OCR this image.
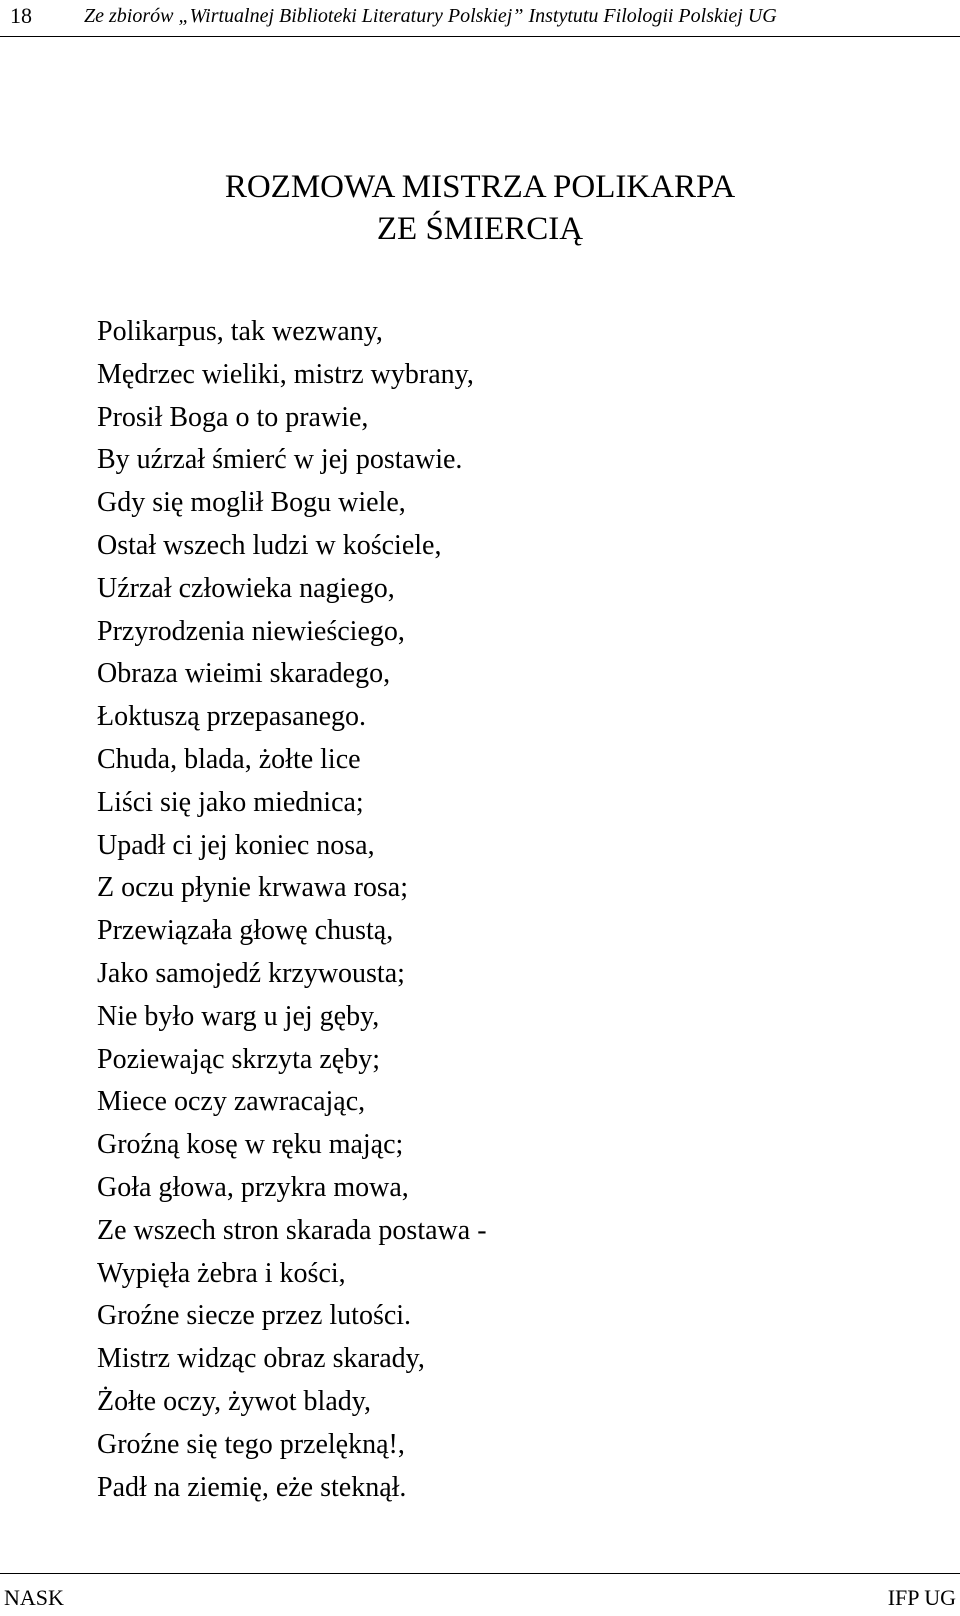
18	Ze zbiorów „Wirtualnej Biblioteki Literatury Polskiej” Instytutu Filologii Polskiej UG
ROZMOWA MISTRZA POLIKARPA
ZE ŚMIERCIĄ
Polikarpus, tak wezwany,
Mędrzec wieliki, mistrz wybrany,
Prosił Boga o to prawie,
By uźrzał śmierć w jej postawie.
Gdy się moglił Bogu wiele,
Ostał wszech ludzi w kościele,
Uźrzał człowieka nagiego,
Przyrodzenia niewieściego,
Obraza wieimi skaradego,
Łoktuszą przepasanego.
Chuda, blada, żołte lice
Liści się jako miednica;
Upadł ci jej koniec nosa,
Z oczu płynie krwawa rosa;
Przewiązała głowę chustą,
Jako samojedź krzywousta;
Nie było warg u jej gęby,
Poziewając skrzyta zęby;
Miece oczy zawracając,
Groźną kosę w ręku mając;
Goła głowa, przykra mowa,
Ze wszech stron skarada postawa -
Wypięła żebra i kości,
Groźne siecze przez lutości.
Mistrz widząc obraz skarady,
Żołte oczy, żywot blady,
Groźne się tego przelękną!,
Padł na ziemię, eże steknął.
NASK	IFP UG
